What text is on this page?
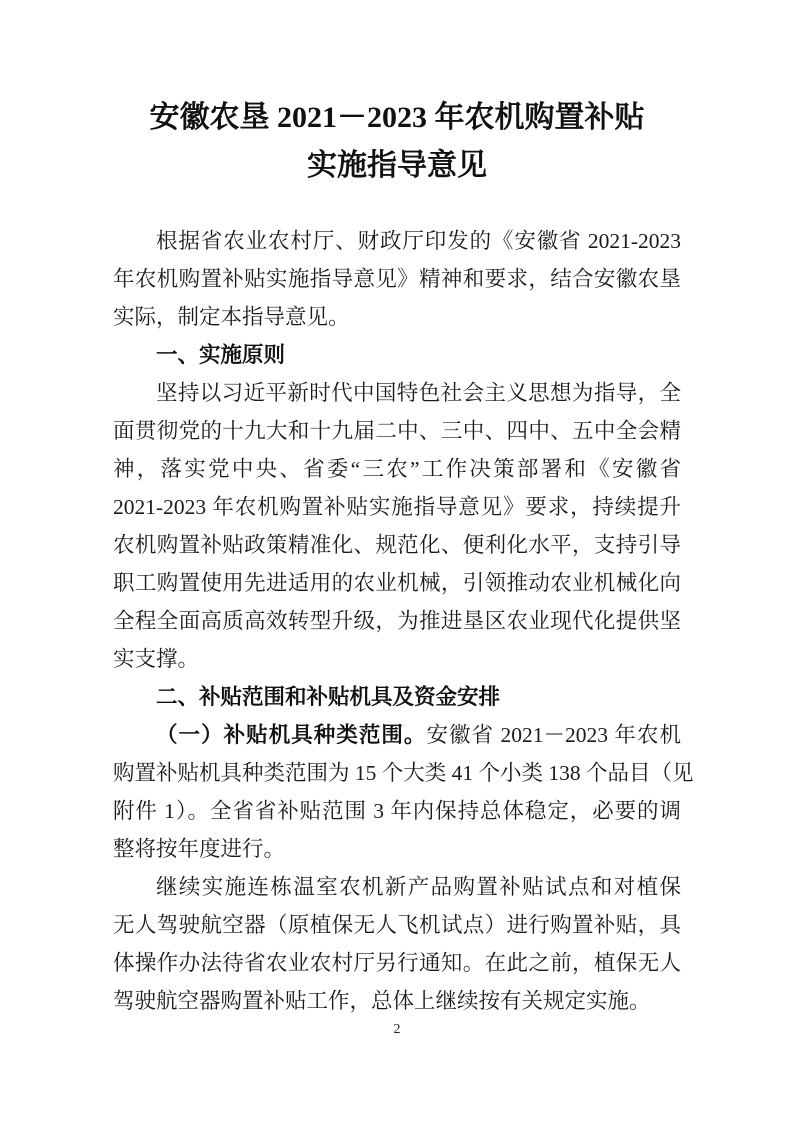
安徽农垦 2021－2023 年农机购置补贴
实施指导意见
根据省农业农村厅、财政厅印发的《安徽省 2021-2023
年农机购置补贴实施指导意见》精神和要求，结合安徽农垦
实际，制定本指导意见。
一、实施原则
坚持以习近平新时代中国特色社会主义思想为指导，全
面贯彻党的十九大和十九届二中、三中、四中、五中全会精
神，落实党中央、省委“三农”工作决策部署和《安徽省
2021-2023 年农机购置补贴实施指导意见》要求，持续提升
农机购置补贴政策精准化、规范化、便利化水平，支持引导
职工购置使用先进适用的农业机械，引领推动农业机械化向
全程全面高质高效转型升级，为推进垦区农业现代化提供坚
实支撑。
二、补贴范围和补贴机具及资金安排
（一）补贴机具种类范围。安徽省 2021－2023 年农机
购置补贴机具种类范围为 15 个大类 41 个小类 138 个品目（见
附件 1）。全省省补贴范围 3 年内保持总体稳定，必要的调
整将按年度进行。
继续实施连栋温室农机新产品购置补贴试点和对植保
无人驾驶航空器（原植保无人飞机试点）进行购置补贴，具
体操作办法待省农业农村厅另行通知。在此之前，植保无人
驾驶航空器购置补贴工作，总体上继续按有关规定实施。
2
